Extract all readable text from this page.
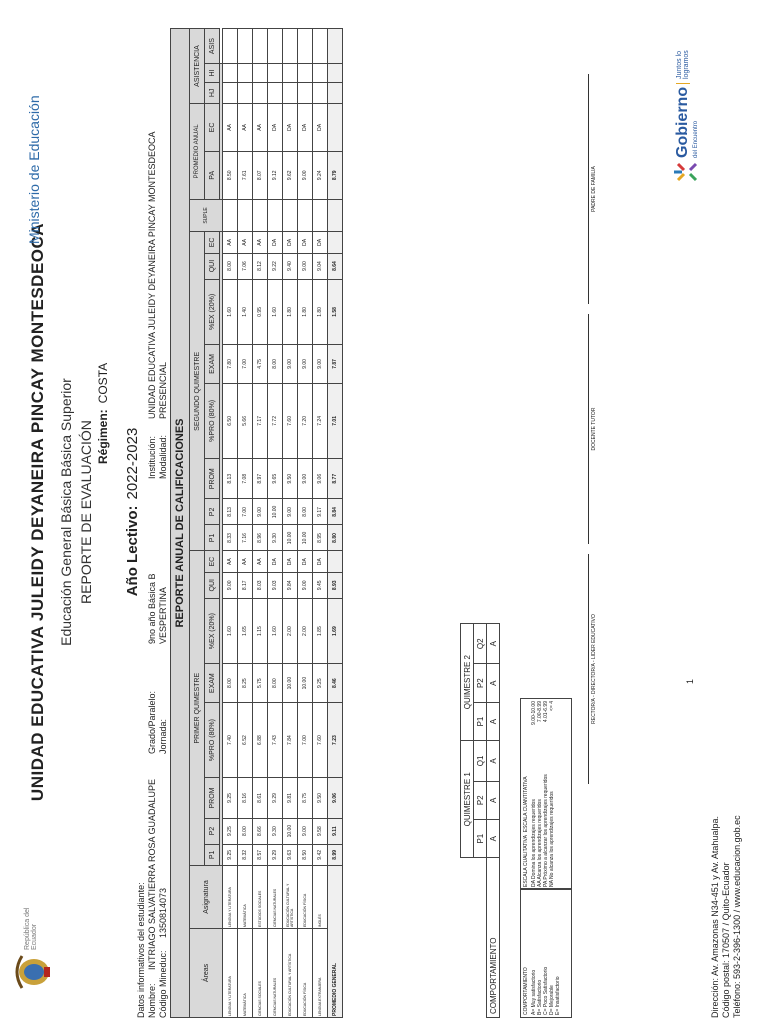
República del Ecuador
UNIDAD EDUCATIVA JULEIDY DEYANEIRA PINCAY MONTESDEOCA Educación General Básica Básica Superior REPORTE DE EVALUACIÓN Año Lectivo:2022-2023
Régimen:COSTA
Ministerio de Educación
Datos informativos del estudiante: Nombre:INTRIAGO SALVATIERRA ROSA GUADALUPE
Código Mineduc:1350814073
Grado/Paralelo:9no año Básica B
Jornada:VESPERTINA
Institución:UNIDAD EDUCATIVA JULEIDY DEYANEIRA PINCAY MONTESDEOCA
Modalidad:PRESENCIAL
REPORTE ANUAL DE CALIFICACIONES																							
Áreas	Asignatura	PRIMER QUIMESTRE								SEGUNDO QUIMESTRE								SUPLE	PROMEDIO ANUAL		ASISTENCIA		
		P1	P2	PROM	%PRO (80%)	EXAM	%EX (20%)	QUI	EC	P1	P2	PROM	%PRO (80%)	EXAM	%EX (20%)	QUI	EC		PA	EC	HJ	HI	ASIS

LENGUA Y LITERATURA	LENGUA Y LITERATURA	9.25	9.25	9.25	7.40	8.00	1.60	9.00	AA	8.33	8.13	8.13	6.50	7.80	1.60	8.00	AA		8.50	AA			
MATEMÁTICA	MATEMÁTICA	8.32	8.00	8.16	6.52	8.25	1.65	8.17	AA	7.16	7.00	7.08	5.66	7.00	1.40	7.06	AA		7.61	AA			
CIENCIAS SOCIALES	ESTUDIOS SOCIALES	8.57	8.66	8.61	6.88	5.75	1.15	8.03	AA	8.96	9.00	8.97	7.17	4.75	0.95	8.12	AA		8.07	AA			
CIENCIAS NATURALES	CIENCIAS NATURALES	9.29	9.30	9.29	7.43	8.00	1.60	9.03	DA	9.30	10.00	9.65	7.72	8.00	1.60	9.22	DA		9.12	DA			
EDUCACIÓN CULTURAL Y ARTÍSTICA	EDUCACIÓN CULTURAL Y ARTÍSTICA	9.63	10.00	9.81	7.84	10.00	2.00	9.84	DA	10.00	9.00	9.50	7.60	9.00	1.80	9.40	DA		9.62	DA			
EDUCACIÓN FÍSICA	EDUCACIÓN FÍSICA	8.50	9.00	8.75	7.00	10.00	2.00	9.00	DA	10.00	8.00	9.00	7.20	9.00	1.80	9.00	DA		9.00	DA			
LENGUA EXTRANJERA	INGLÉS	9.42	9.58	9.50	7.60	9.25	1.85	9.45	DA	8.95	9.17	9.06	7.24	9.00	1.80	9.04	DA		9.24	DA			
PROMEDIO GENERAL		8.99	9.11	9.06	7.23	8.46	1.69	8.93		8.80	8.84	8.77	7.01	7.87	1.58	8.64			8.79				
	QUIMESTRE 1			QUIMESTRE 2		
	P1	P2	Q1	P1	P2	Q2
COMPORTAMIENTO	A	A	A	A	A	A
COMPORTAMIENTO A= Muy satisfactorio B= Satisfactorio C= Poco Satisfactorio D= Mejorable E= Insatisfactorio
ESCALA CUALITATIVA  ESCALA CUANTITATIVA DA Domina los aprendizajes requeridos
9.00-10.00
AA Alcanza los aprendizajes requeridos
7.00-8.99
PA Próximo a alcanzar los aprendizajes requeridos
4.01-6.99
NA No alcanza los aprendizajes requeridos
<= 4
1
RECTOR/A - DIRECTOR/A - LIDER EDUCATIVO
DOCENTE TUTOR
PADRE DE FAMILIA
Dirección: Av. Amazonas N34-451 y Av. Atahualpa. Código postal: 170507 / Quito-Ecuador Teléfono: 593-2-396-1300 / www.educacion.gob.ec
Gobierno del Encuentro
Juntos lo logramos
